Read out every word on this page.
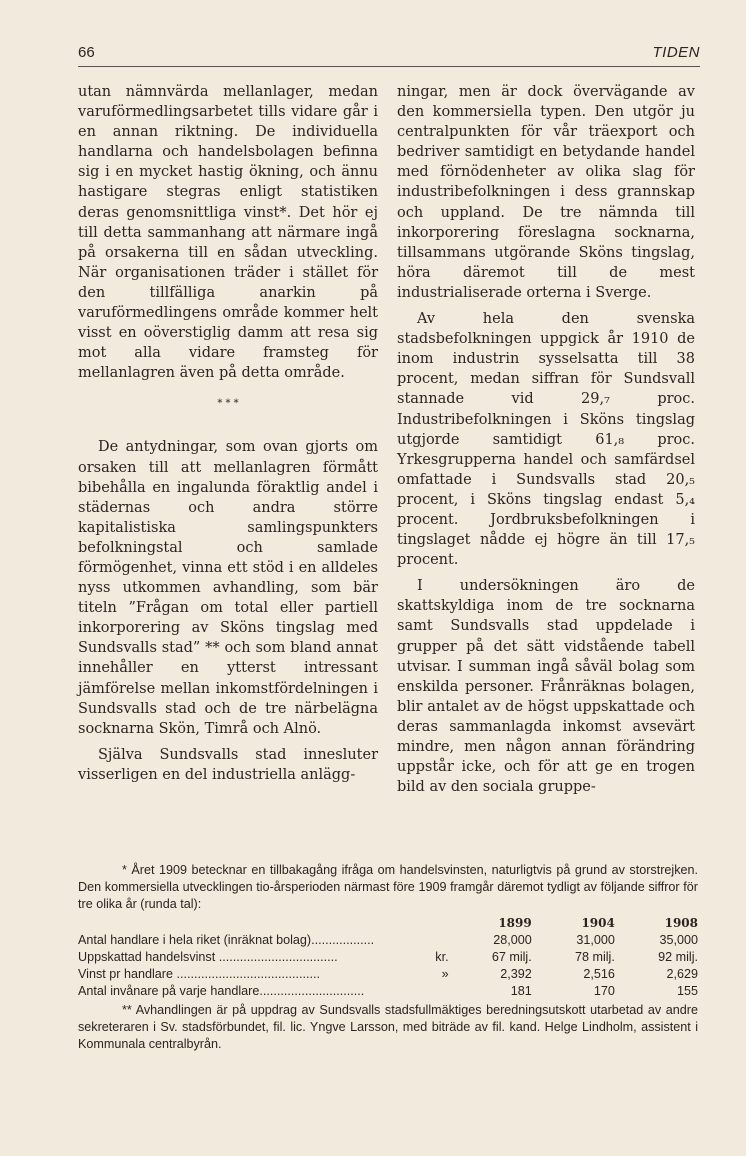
66	TIDEN

utan nämnvärda mellanlager, medan varuförmedlingsarbetet tills vidare går i en annan riktning. De individuella handlarna och handelsbolagen befinna sig i en mycket hastig ökning, och ännu hastigare stegras enligt statistiken deras genomsnittliga vinst*. Det hör ej till detta sammanhang att närmare ingå på orsakerna till en sådan utveckling. När organisationen träder i stället för den tillfälliga anarkin på varuförmedlingens område kommer helt visst en oöverstiglig damm att resa sig mot alla vidare framsteg för mellanlagren även på detta område.

* * *

De antydningar, som ovan gjorts om orsaken till att mellanlagren förmått bibehålla en ingalunda föraktlig andel i städernas och andra större kapitalistiska samlingspunkters befolkningstal och samlade förmögenhet, vinna ett stöd i en alldeles nyss utkommen avhandling, som bär titeln ”Frågan om total eller partiell inkorporering av Sköns tingslag med Sundsvalls stad” ** och som bland annat innehåller en ytterst intressant jämförelse mellan inkomstfördelningen i Sundsvalls stad och de tre närbelägna socknarna Skön, Timrå och Alnö.

Själva Sundsvalls stad innesluter visserligen en del industriella anlägg-

ningar, men är dock övervägande av den kommersiella typen. Den utgör ju centralpunkten för vår träexport och bedriver samtidigt en betydande handel med förnödenheter av olika slag för industribefolkningen i dess grannskap och uppland. De tre nämnda till inkorporering föreslagna socknarna, tillsammans utgörande Sköns tingslag, höra däremot till de mest industrialiserade orterna i Sverge.

Av hela den svenska stadsbefolkningen uppgick år 1910 de inom industrin sysselsatta till 38 procent, medan siffran för Sundsvall stannade vid 29,₇ proc. Industribefolkningen i Sköns tingslag utgjorde samtidigt 61,₈ proc. Yrkesgrupperna handel och samfärdsel omfattade i Sundsvalls stad 20,₅ procent, i Sköns tingslag endast 5,₄ procent. Jordbruksbefolkningen i tingslaget nådde ej högre än till 17,₅ procent.

I undersökningen äro de skattskyldiga inom de tre socknarna samt Sundsvalls stad uppdelade i grupper på det sätt vidstående tabell utvisar. I summan ingå såväl bolag som enskilda personer. Frånräknas bolagen, blir antalet av de högst uppskattade och deras sammanlagda inkomst avsevärt mindre, men någon annan förändring uppstår icke, och för att ge en trogen bild av den sociala gruppe-

* Året 1909 betecknar en tillbakagång ifråga om handelsvinsten, naturligtvis på grund av storstrejken. Den kommersiella utvecklingen tio-årsperioden närmast före 1909 framgår däremot tydligt av följande siffror för tre olika år (runda tal):

		1899	1904	1908
Antal handlare i hela riket (inräknat bolag)..................		28,000	31,000	35,000
Uppskattad handelsvinst ..................................	kr.	67 milj.	78 milj.	92 milj.
Vinst pr handlare .........................................	»	2,392	2,516	2,629
Antal invånare på varje handlare..............................		181	170	155

** Avhandlingen är på uppdrag av Sundsvalls stadsfullmäktiges beredningsutskott utarbetad av andre sekreteraren i Sv. stadsförbundet, fil. lic. Yngve Larsson, med biträde av fil. kand. Helge Lindholm, assistent i Kommunala centralbyrån.
